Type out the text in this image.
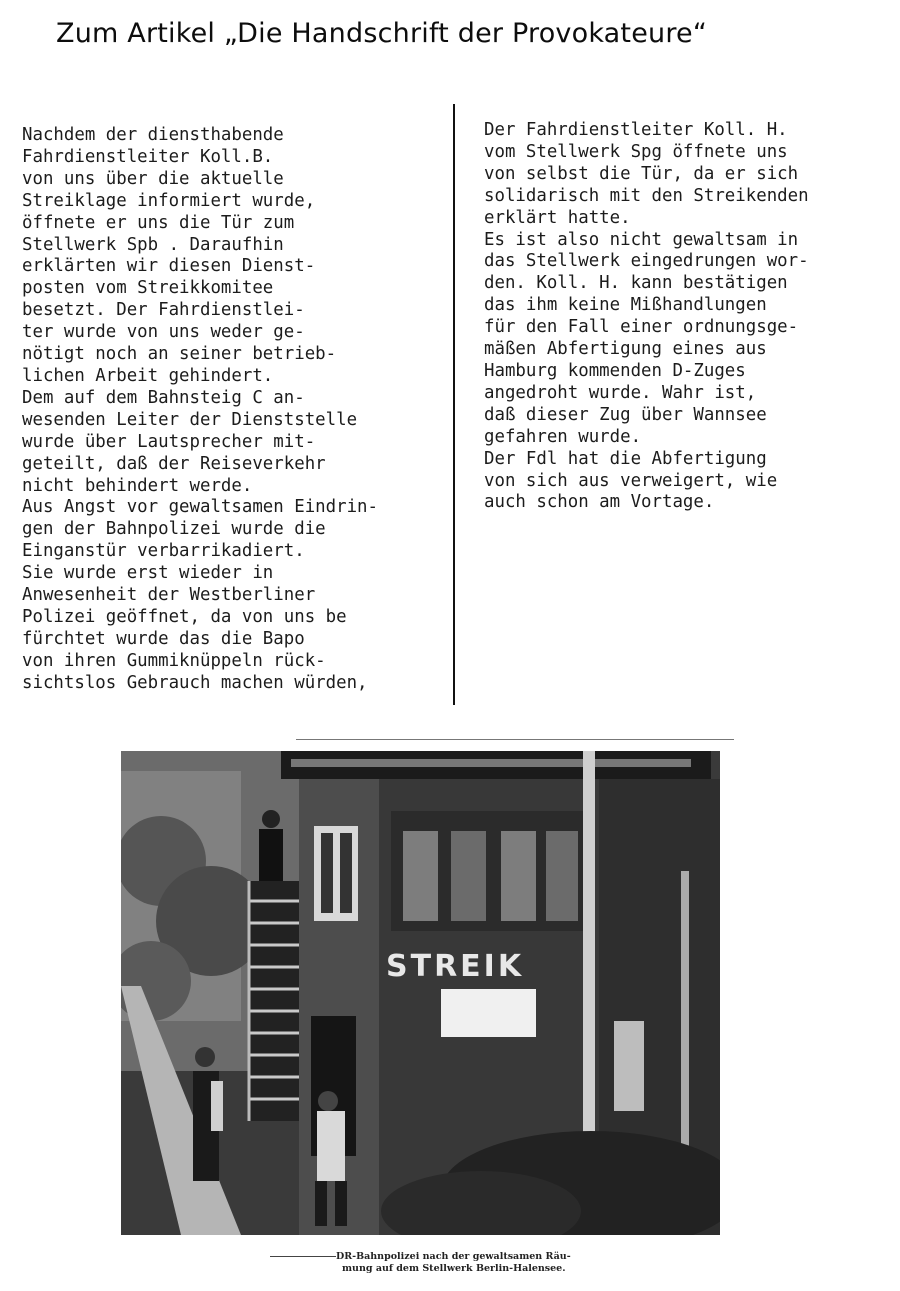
Zum Artikel „Die Handschrift der Provokateure“
Nachdem der diensthabende
Fahrdienstleiter Koll.B.
von uns über die aktuelle
Streiklage informiert wurde,
öffnete er uns die Tür zum
Stellwerk Spb . Daraufhin
erklärten wir diesen Dienst-
posten vom Streikkomitee
besetzt. Der Fahrdienstlei-
ter wurde von uns weder ge-
nötigt noch an seiner betrieb-
lichen Arbeit gehindert.
Dem auf dem Bahnsteig C an-
wesenden Leiter der Dienststelle
wurde über Lautsprecher mit-
geteilt, daß der Reiseverkehr
nicht behindert werde.
Aus Angst vor gewaltsamen Eindrin-
gen der Bahnpolizei wurde die
Einganstür verbarrikadiert.
Sie wurde erst wieder in
Anwesenheit der Westberliner
Polizei geöffnet, da von uns be
fürchtet wurde das die Bapo
von ihren Gummiknüppeln rück-
sichtslos Gebrauch machen würden,
Der Fahrdienstleiter Koll. H.
vom Stellwerk Spg öffnete uns
von selbst die Tür, da er sich
solidarisch mit den Streikenden
erklärt hatte.
Es ist also nicht gewaltsam in
das Stellwerk eingedrungen wor-
den. Koll. H. kann bestätigen
das ihm keine Mißhandlungen
für den Fall einer ordnungsge-
mäßen Abfertigung eines aus
Hamburg kommenden D-Zuges
angedroht wurde. Wahr ist,
daß dieser Zug über Wannsee
gefahren wurde.
Der Fdl hat die Abfertigung
von sich aus verweigert, wie
auch schon am Vortage.
STREIK
DR-Bahnpolizei nach der gewaltsamen Räu-
mung auf dem Stellwerk Berlin-Halensee.
